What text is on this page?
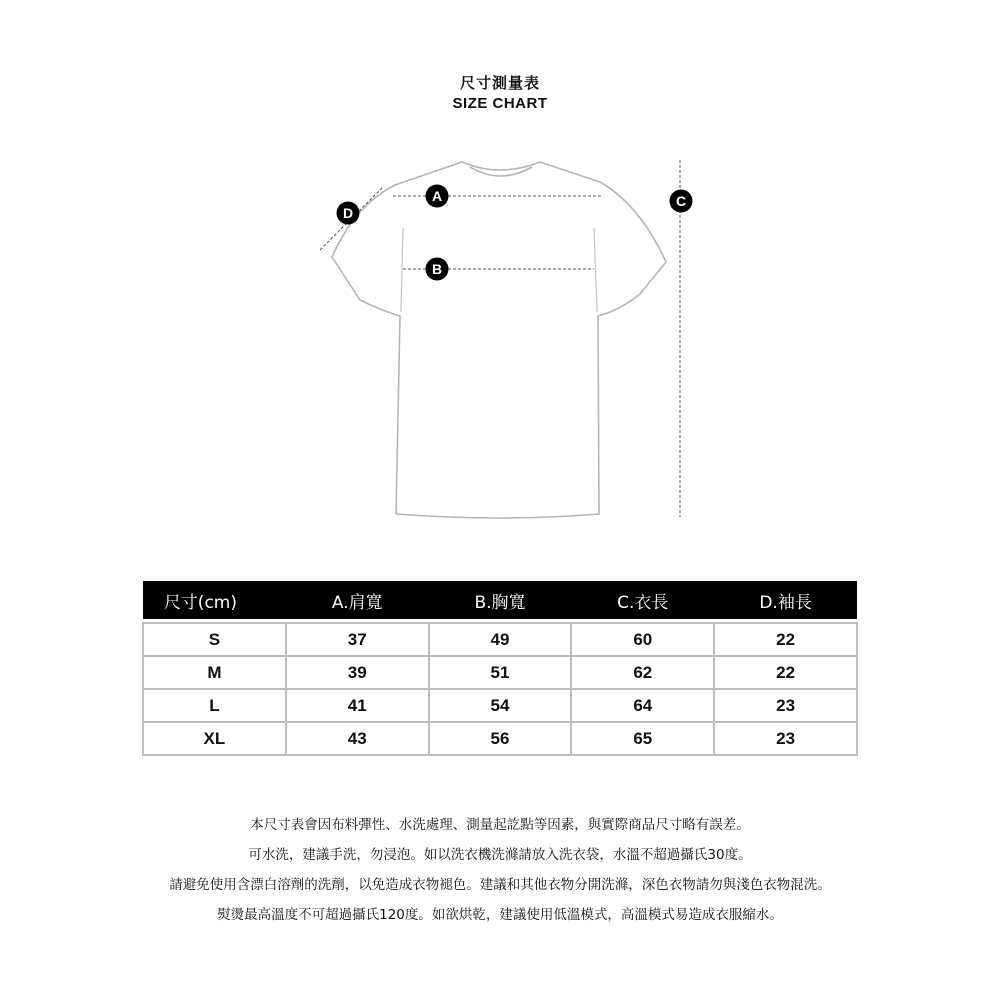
尺寸測量表
SIZE CHART
A
B
C
D
尺寸(cm)	A.肩寬	B.胸寬	C.衣長	D.袖長

S	37	49	60	22
M	39	51	62	22
L	41	54	64	23
XL	43	56	65	23
本尺寸表會因布料彈性、水洗處理、測量起訖點等因素，與實際商品尺寸略有誤差。
可水洗，建議手洗，勿浸泡。如以洗衣機洗滌請放入洗衣袋，水溫不超過攝氏30度。
請避免使用含漂白溶劑的洗劑，以免造成衣物褪色。建議和其他衣物分開洗滌，深色衣物請勿與淺色衣物混洗。
熨燙最高溫度不可超過攝氏120度。如欲烘乾，建議使用低溫模式，高溫模式易造成衣服縮水。
